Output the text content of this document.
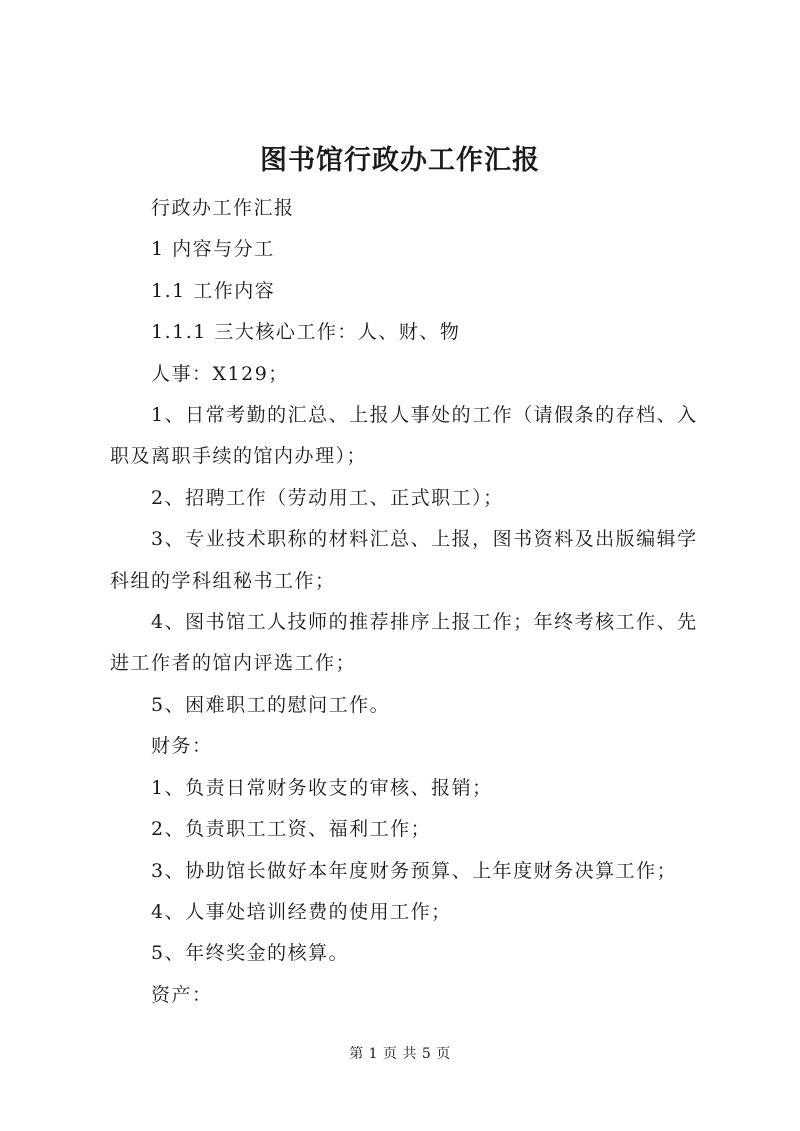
图书馆行政办工作汇报

行政办工作汇报

1 内容与分工

1.1 工作内容

1.1.1 三大核心工作：人、财、物

人事：X129；

1、日常考勤的汇总、上报人事处的工作（请假条的存档、入职及离职手续的馆内办理）；

2、招聘工作（劳动用工、正式职工）；

3、专业技术职称的材料汇总、上报，图书资料及出版编辑学科组的学科组秘书工作；

4、图书馆工人技师的推荐排序上报工作；年终考核工作、先进工作者的馆内评选工作；

5、困难职工的慰问工作。

财务：

1、负责日常财务收支的审核、报销；

2、负责职工工资、福利工作；

3、协助馆长做好本年度财务预算、上年度财务决算工作；

4、人事处培训经费的使用工作；

5、年终奖金的核算。

资产：

第 1 页 共 5 页
